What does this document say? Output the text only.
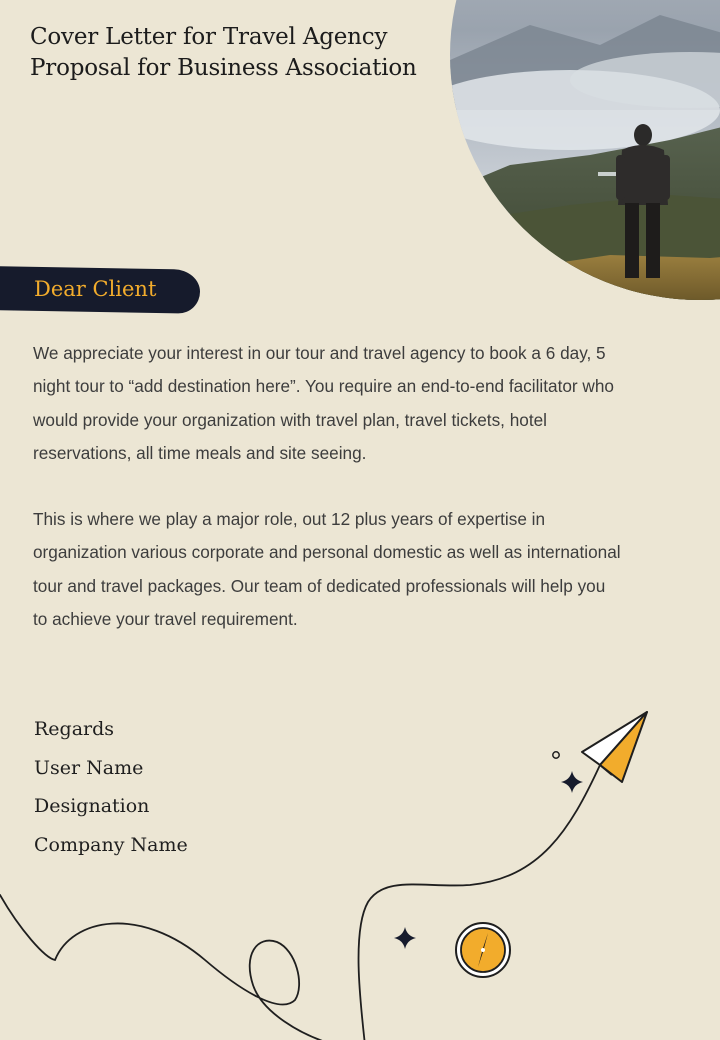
Cover Letter for Travel Agency
Proposal for Business Association
Dear Client

We appreciate your interest in our tour and travel agency to book a 6 day, 5
night tour to “add destination here”. You require an end-to-end facilitator who
would provide your organization with travel plan, travel tickets, hotel
reservations, all time meals and site seeing.

This is where we play a major role, out 12 plus years of expertise in
organization various corporate and personal domestic as well as international
tour and travel packages. Our team of dedicated professionals will help you
to achieve your travel requirement.

Regards
User Name
Designation
Company Name
